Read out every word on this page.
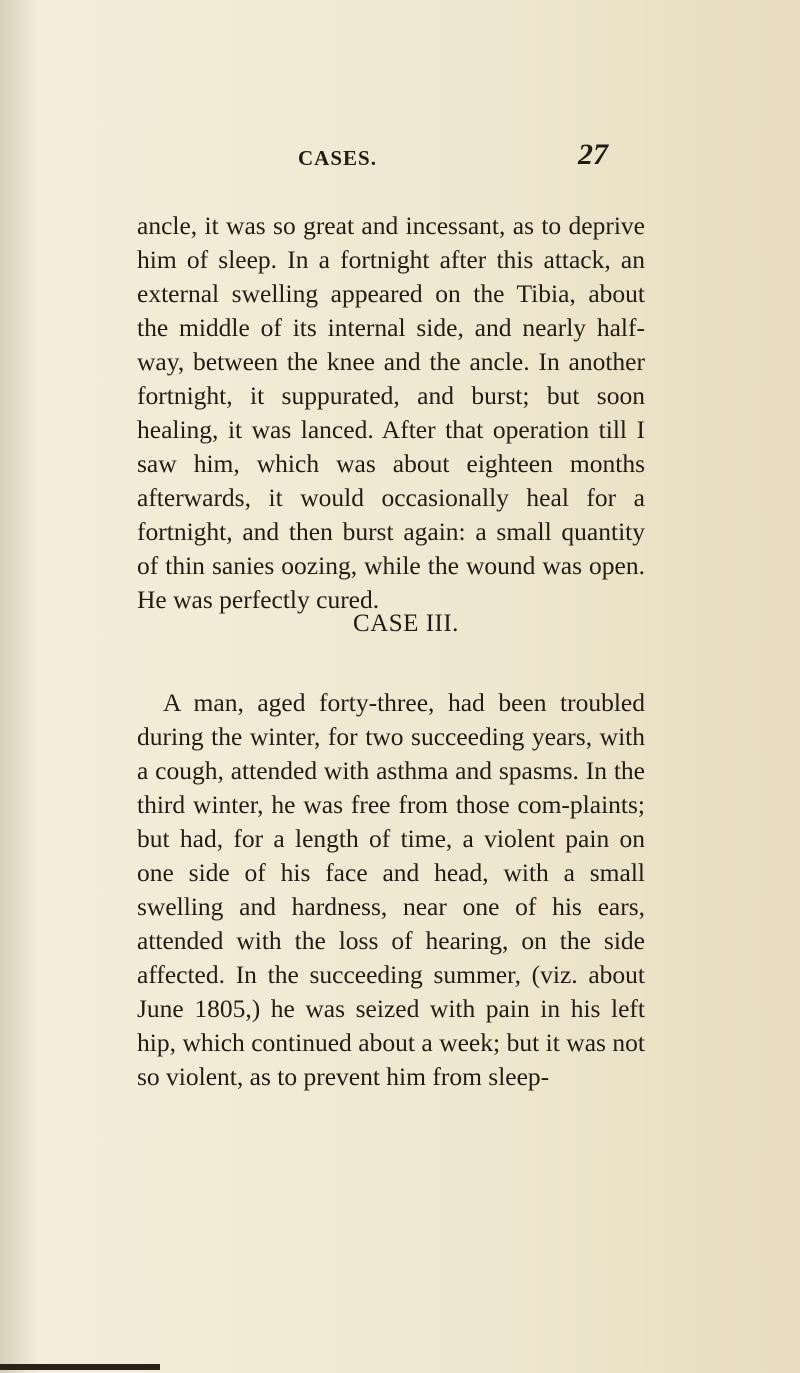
CASES.	27

ancle, it was so great and incessant, as to deprive him of sleep. In a fortnight after this attack, an external swelling appeared on the Tibia, about the middle of its internal side, and nearly half-way, between the knee and the ancle. In another fortnight, it suppurated, and burst; but soon healing, it was lanced. After that operation till I saw him, which was about eighteen months afterwards, it would occasionally heal for a fortnight, and then burst again: a small quantity of thin sanies oozing, while the wound was open. He was perfectly cured.

CASE III.

A man, aged forty-three, had been troubled during the winter, for two succeeding years, with a cough, attended with asthma and spasms. In the third winter, he was free from those com-plaints; but had, for a length of time, a violent pain on one side of his face and head, with a small swelling and hardness, near one of his ears, attended with the loss of hearing, on the side affected. In the succeeding summer, (viz. about June 1805,) he was seized with pain in his left hip, which continued about a week; but it was not so violent, as to prevent him from sleep-
